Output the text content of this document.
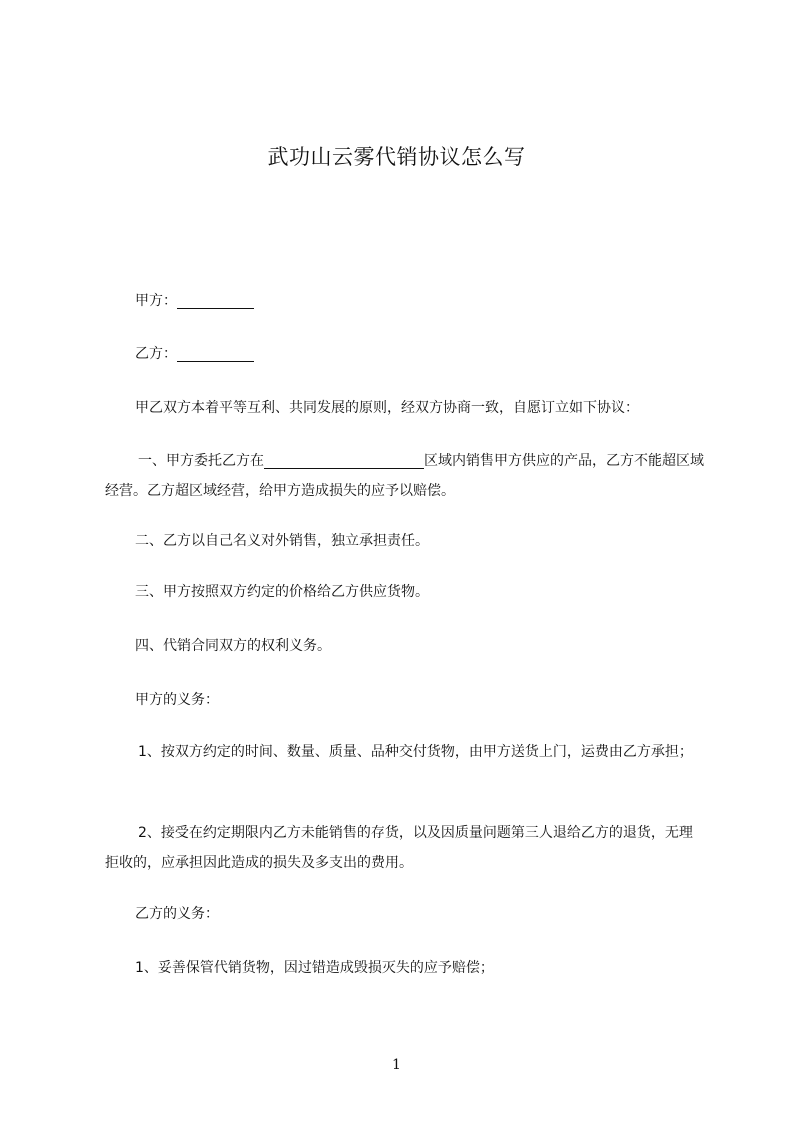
武功山云雾代销协议怎么写

甲方：

乙方：

甲乙双方本着平等互利、共同发展的原则，经双方协商一致，自愿订立如下协议：

一、甲方委托乙方在	区域内销售甲方供应的产品，乙方不能超区域经营。乙方超区域经营，给甲方造成损失的应予以赔偿。

二、乙方以自己名义对外销售，独立承担责任。

三、甲方按照双方约定的价格给乙方供应货物。

四、代销合同双方的权利义务。

甲方的义务：

1、按双方约定的时间、数量、质量、品种交付货物，由甲方送货上门，运费由乙方承担；

2、接受在约定期限内乙方未能销售的存货，以及因质量问题第三人退给乙方的退货，无理拒收的，应承担因此造成的损失及多支出的费用。

乙方的义务：

1、妥善保管代销货物，因过错造成毁损灭失的应予赔偿；

1
